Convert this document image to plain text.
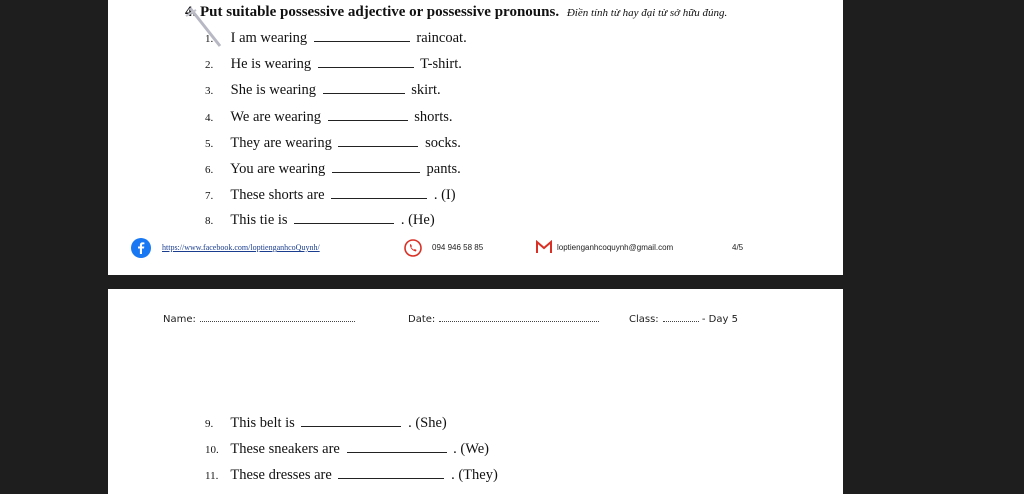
4. Put suitable possessive adjective or possessive pronouns. Điền tính từ hay đại từ sở hữu đúng.
1. I am wearing	raincoat.
2. He is wearing	T-shirt.
3. She is wearing	skirt.
4. We are wearing	shorts.
5. They are wearing	socks.
6. You are wearing	pants.
7. These shorts are	. (I)
8. This tie is	. (He)
https://www.facebook.com/loptienganhcoQuynh/	094 946 58 85	loptienganhcoquynh@gmail.com	4/5
Name:	Date:	Class:	- Day 5
9. This belt is	. (She)
10. These sneakers are	. (We)
11. These dresses are	. (They)
